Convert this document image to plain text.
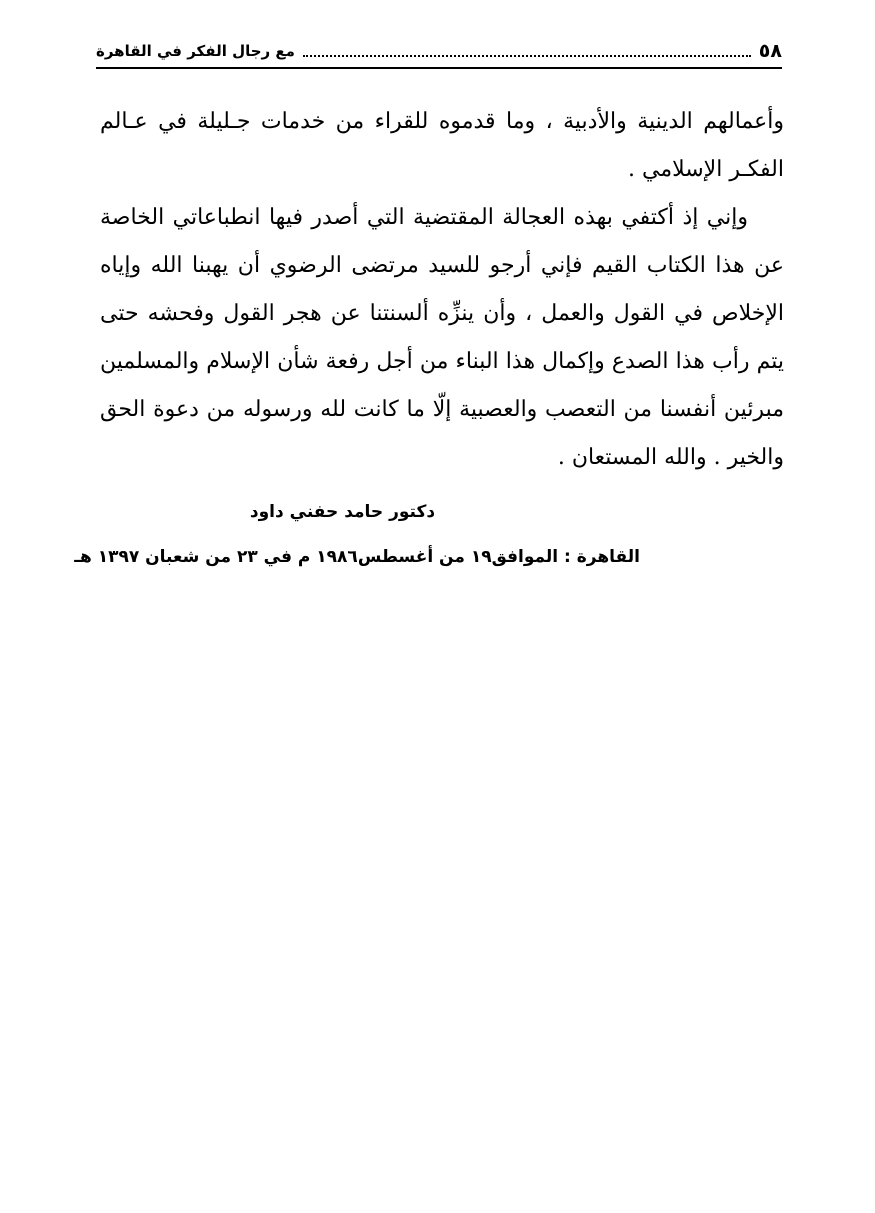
٥٨
مع رجال الفكر في القاهرة

وأعمالهم الدينية والأدبية ، وما قدموه للقراء من خدمات جـليلة في عـالم الفكـر الإسلامي .

وإني إذ أكتفي بهذه العجالة المقتضية التي أصدر فيها انطباعاتي الخاصة عن هذا الكتاب القيم فإني أرجو للسيد مرتضى الرضوي أن يهبنا الله وإياه الإخلاص في القول والعمل ، وأن ينزِّه ألسنتنا عن هجر القول وفحشه حتى يتم رأب هذا الصدع وإكمال هذا البناء من أجل رفعة شأن الإسلام والمسلمين مبرئين أنفسنا من التعصب والعصبية إلّا ما كانت لله ورسوله من دعوة الحق والخير . والله المستعان .

دكتور حامد حفني داود
القاهرة : الموافق١٩ من أغسطس١٩٨٦ م في ٢٣ من شعبان ١٣٩٧ هـ
